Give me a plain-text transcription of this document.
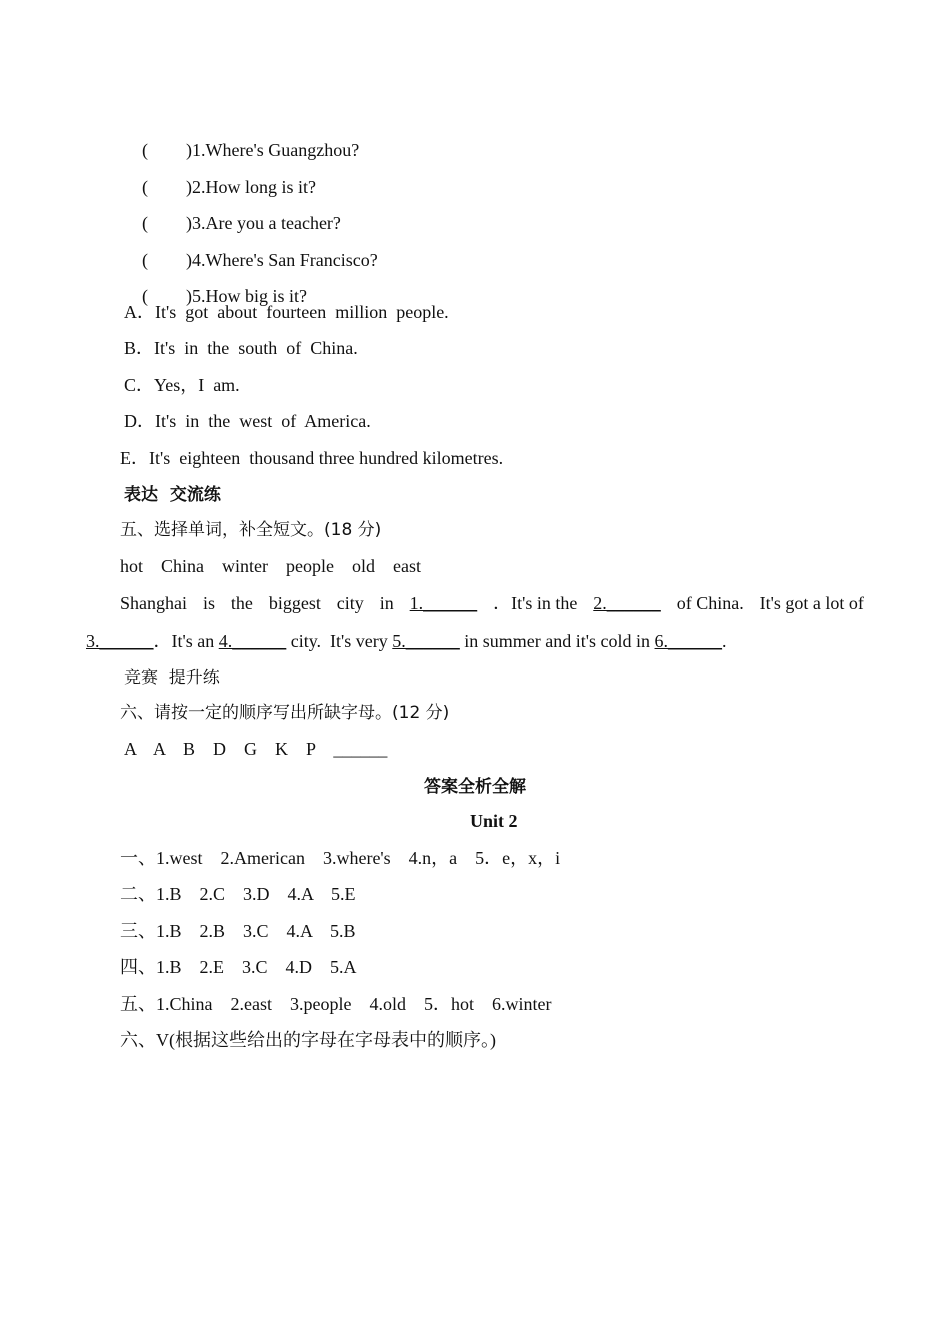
( )1.Where's Guangzhou?

( )2.How long is it?

( )3.Are you a teacher?

( )4.Where's San Francisco?

( )5.How big is it?

A．It's  got  about  fourteen  million  people.
B．It's  in  the  south  of  China.
C．Yes，I  am.
D．It's  in  the  west  of  America.
E．It's  eighteen  thousand three hundred kilometres.
表达  交流练
五、选择单词，补全短文。(18 分)
hot    China    winter    people    old    east
Shanghai is the biggest city in 1.______ ．It's in the 2.______ of China. It's got a lot of
3.______．It's an 4.______ city.  It's very 5.______ in summer and it's cold in 6.______.
竞赛  提升练
六、请按一定的顺序写出所缺字母。(12 分)
A    A    B    D    G    K    P    ______
答案全析全解
Unit 2
一、1.west    2.American    3.where's    4.n，a    5．e，x，i
二、1.B    2.C    3.D    4.A    5.E
三、1.B    2.B    3.C    4.A    5.B
四、1.B    2.E    3.C    4.D    5.A
五、1.China    2.east    3.people    4.old    5．hot    6.winter
六、V(根据这些给出的字母在字母表中的顺序。)
